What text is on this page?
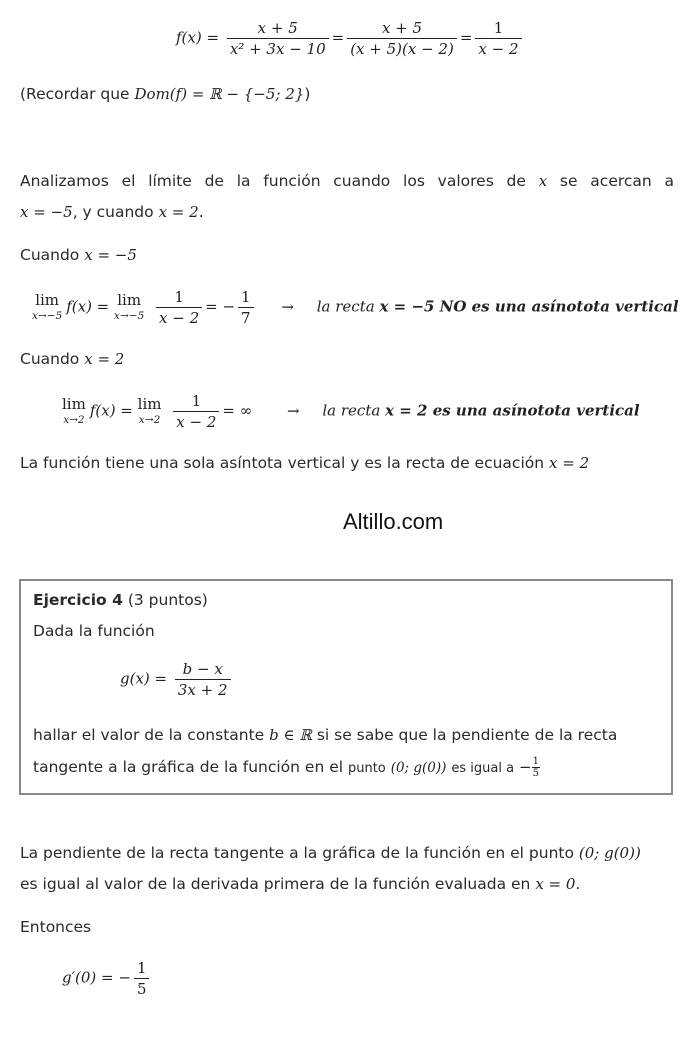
$f(x) = \frac{x + 5}{\text{x² + 3x − 10}} = \frac{x + 5}{(x + 5)(x - 2)} = \frac{1}{x - 2}$
(Recordar que Dom(f) = ℝ − {−5; 2})
Analizamos el límite de la función cuando los valores de x se acercan a
x = −5, y cuando x = 2.
Cuando x = −5
lim
x→−5 f(x) = lim
x→−5
$\frac{1}{x - 2}$ = − $\frac{1}{7}$ → la recta x = −5 NO es una asínotota vertical
Cuando x = 2
lim
x→2 f(x) = lim
x→2
$\frac{1}{x - 2}$ = ∞ → la recta x = 2 es una asínotota vertical
La función tiene una sola asíntota vertical y es la recta de ecuación x = 2
Altillo.com
Ejercicio 4 (3 puntos)
Dada la función
$g(x) = \frac{b - x}{3x + 2}$
hallar el valor de la constante b ∈ ℝ si se sabe que la pendiente de la recta
tangente a la gráfica de la función en el punto (0; g(0)) es igual $a - \frac{1}{5}$
La pendiente de la recta tangente a la gráfica de la función en el punto (0; g(0))
es igual al valor de la derivada primera de la función evaluada en x = 0.
Entonces
g′(0) = − $\frac{1}{5}$
